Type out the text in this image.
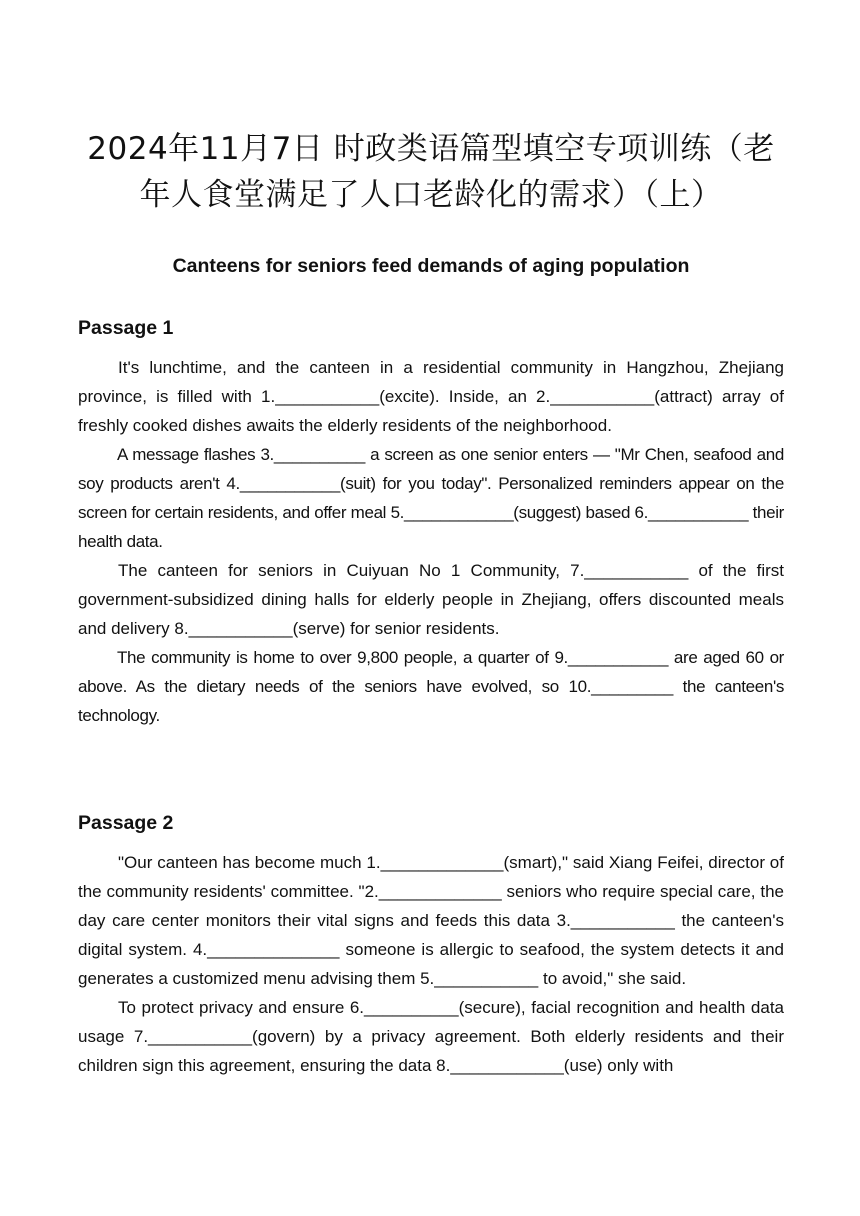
2024年11月7日 时政类语篇型填空专项训练（老年人食堂满足了人口老龄化的需求）（上）
Canteens for seniors feed demands of aging population
Passage 1

It's lunchtime, and the canteen in a residential community in Hangzhou, Zhejiang province, is filled with 1.___________(excite). Inside, an 2.___________(attract) array of freshly cooked dishes awaits the elderly residents of the neighborhood.

A message flashes 3.__________ a screen as one senior enters — "Mr Chen, seafood and soy products aren't 4.___________(suit) for you today". Personalized reminders appear on the screen for certain residents, and offer meal 5.____________(suggest) based 6.___________ their health data.

The canteen for seniors in Cuiyuan No 1 Community, 7.___________ of the first government-subsidized dining halls for elderly people in Zhejiang, offers discounted meals and delivery 8.___________(serve) for senior residents.

The community is home to over 9,800 people, a quarter of 9.___________ are aged 60 or above. As the dietary needs of the seniors have evolved, so 10._________ the canteen's technology.

Passage 2

"Our canteen has become much 1._____________(smart)," said Xiang Feifei, director of the community residents' committee. "2._____________ seniors who require special care, the day care center monitors their vital signs and feeds this data 3.___________ the canteen's digital system. 4.______________ someone is allergic to seafood, the system detects it and generates a customized menu advising them 5.___________ to avoid," she said.

To protect privacy and ensure 6.__________(secure), facial recognition and health data usage 7.___________(govern) by a privacy agreement. Both elderly residents and their children sign this agreement, ensuring the data 8.____________(use) only with
